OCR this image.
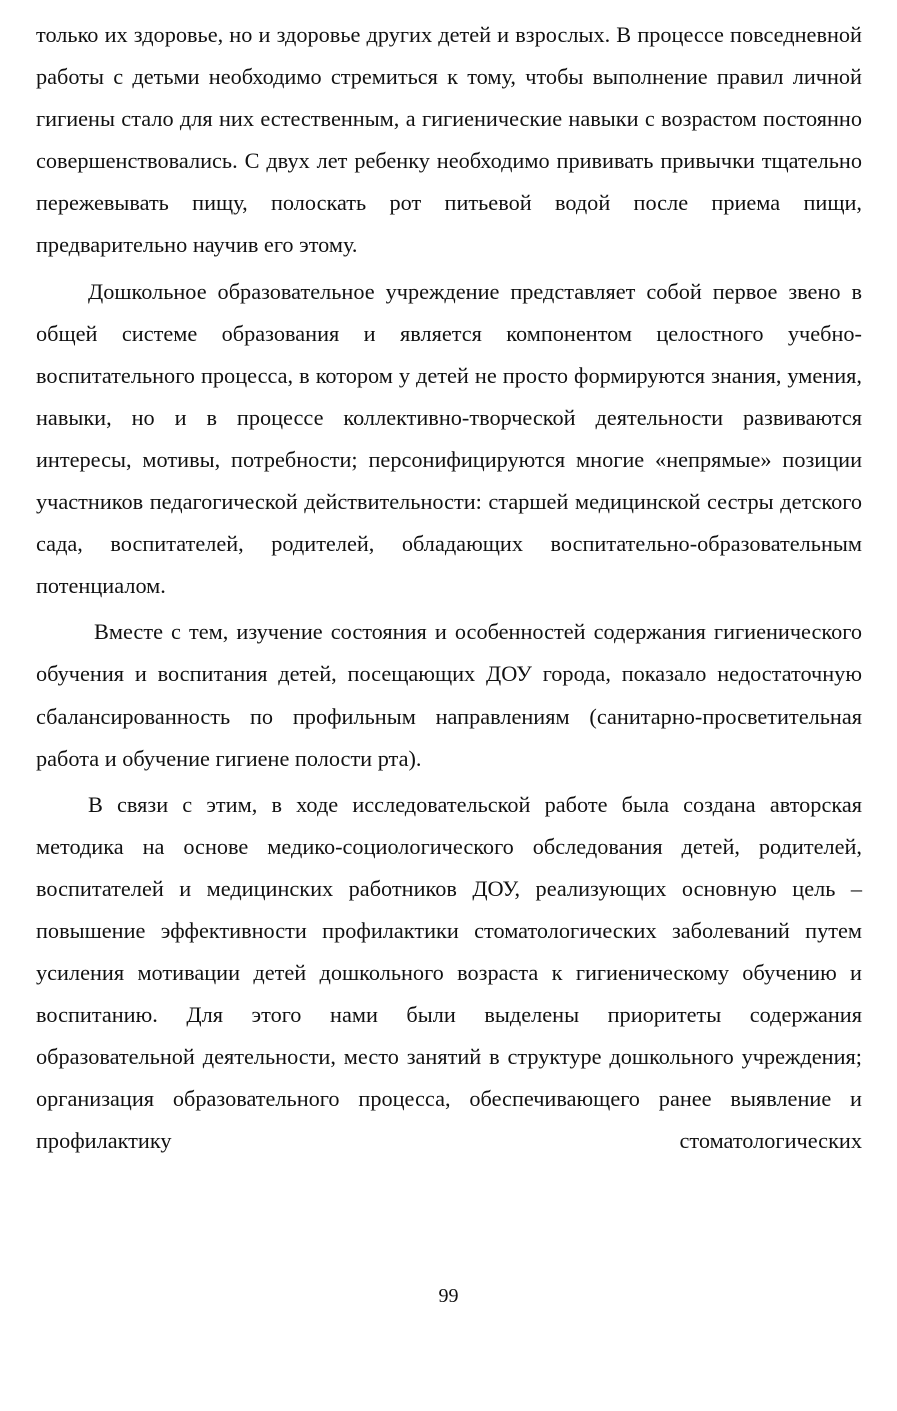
только их здоровье, но и здоровье других детей и взрослых. В процессе повседневной работы с детьми необходимо стремиться к тому, чтобы выполнение правил личной гигиены стало для них естественным, а гигиенические навыки с возрастом постоянно совершенствовались. С двух лет ребенку необходимо прививать привычки тщательно пережевывать пищу, полоскать рот питьевой водой после приема пищи, предварительно научив его этому.

Дошкольное образовательное учреждение представляет собой первое звено в общей системе образования и является компонентом целостного учебно-воспитательного процесса, в котором у детей не просто формируются знания, умения, навыки, но и в процессе коллективно-творческой деятельности развиваются интересы, мотивы, потребности; персонифицируются многие «непрямые» позиции участников педагогической действительности: старшей медицинской сестры детского сада, воспитателей, родителей, обладающих воспитательно-образовательным потенциалом.

Вместе с тем, изучение состояния и особенностей содержания гигиенического обучения и воспитания детей, посещающих ДОУ города, показало недостаточную сбалансированность по профильным направлениям (санитарно-просветительная работа и обучение гигиене полости рта).

В связи с этим, в ходе исследовательской работе была создана авторская методика на основе медико-социологического обследования детей, родителей, воспитателей и медицинских работников ДОУ, реализующих основную цель – повышение эффективности профилактики стоматологических заболеваний путем усиления мотивации детей дошкольного возраста к гигиеническому обучению и воспитанию. Для этого нами были выделены приоритеты содержания образовательной деятельности, место занятий в структуре дошкольного учреждения; организация образовательного процесса, обеспечивающего ранее выявление и профилактику стоматологических

99
